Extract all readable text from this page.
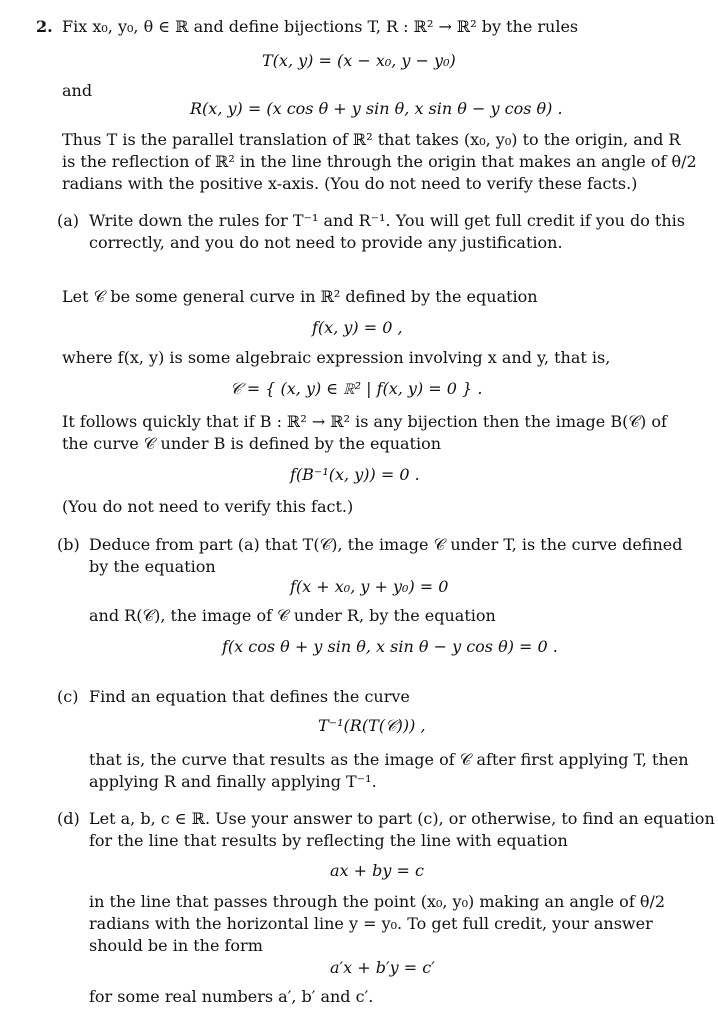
2. Fix x₀, y₀, θ ∈ ℝ and define bijections T, R : ℝ² → ℝ² by the rules
T(x, y) = (x − x₀, y − y₀)
and
R(x, y) = (x cos θ + y sin θ, x sin θ − y cos θ) .
Thus T is the parallel translation of ℝ² that takes (x₀, y₀) to the origin, and R
is the reflection of ℝ² in the line through the origin that makes an angle of θ/2
radians with the positive x-axis. (You do not need to verify these facts.)
(a) Write down the rules for T⁻¹ and R⁻¹. You will get full credit if you do this
correctly, and you do not need to provide any justification.
Let 𝒞 be some general curve in ℝ² defined by the equation
f(x, y) = 0 ,
where f(x, y) is some algebraic expression involving x and y, that is,
𝒞 = { (x, y) ∈ ℝ² | f(x, y) = 0 } .
It follows quickly that if B : ℝ² → ℝ² is any bijection then the image B(𝒞) of
the curve 𝒞 under B is defined by the equation
f(B⁻¹(x, y)) = 0 .
(You do not need to verify this fact.)
(b) Deduce from part (a) that T(𝒞), the image 𝒞 under T, is the curve defined
by the equation
f(x + x₀, y + y₀) = 0
and R(𝒞), the image of 𝒞 under R, by the equation
f(x cos θ + y sin θ, x sin θ − y cos θ) = 0 .
(c) Find an equation that defines the curve
T⁻¹(R(T(𝒞))) ,
that is, the curve that results as the image of 𝒞 after first applying T, then
applying R and finally applying T⁻¹.
(d) Let a, b, c ∈ ℝ. Use your answer to part (c), or otherwise, to find an equation
for the line that results by reflecting the line with equation
ax + by = c
in the line that passes through the point (x₀, y₀) making an angle of θ/2
radians with the horizontal line y = y₀. To get full credit, your answer
should be in the form
a′x + b′y = c′
for some real numbers a′, b′ and c′.
